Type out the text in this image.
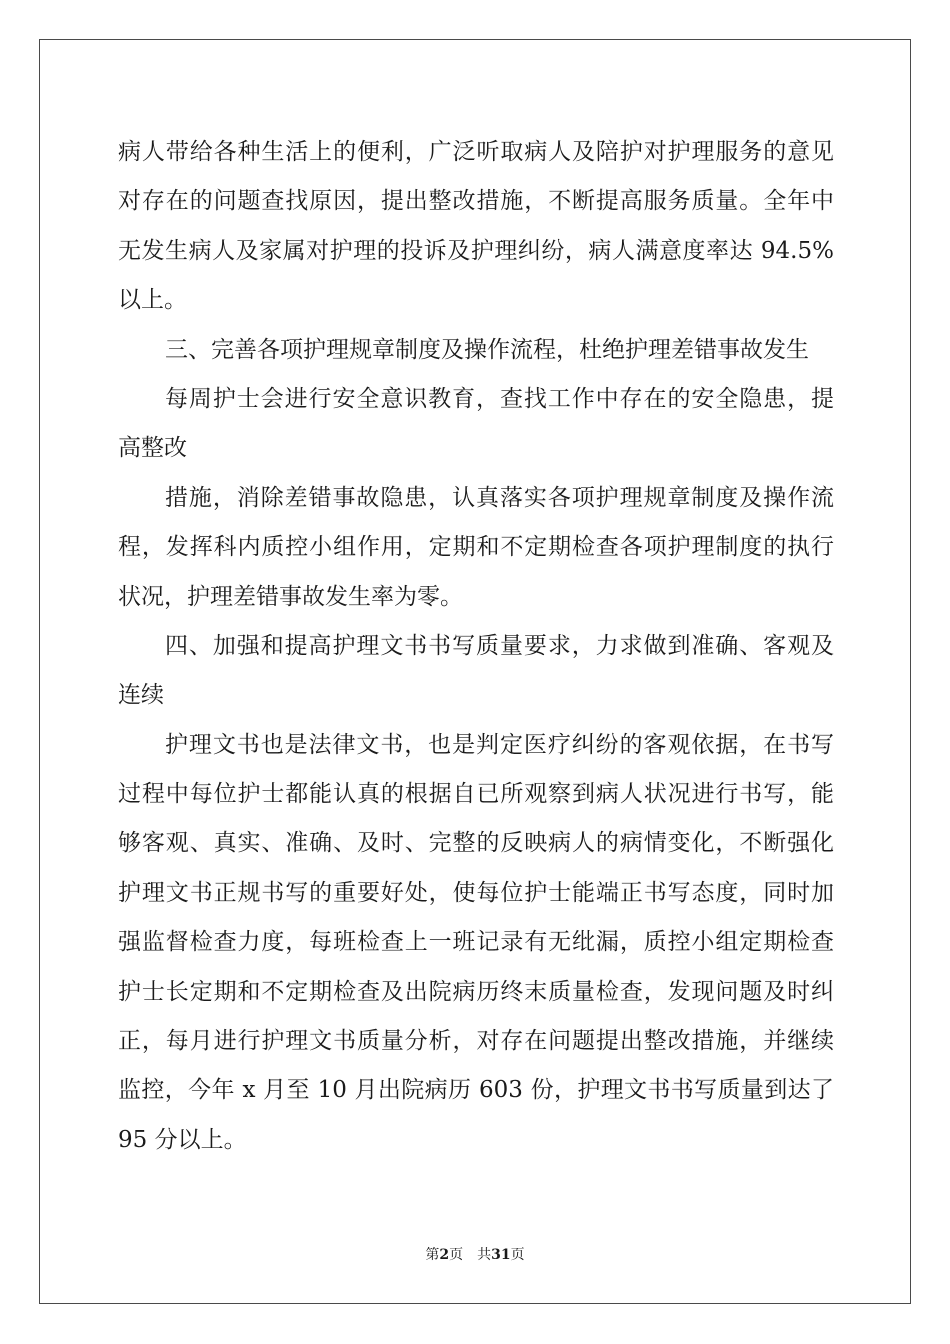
病人带给各种生活上的便利，广泛听取病人及陪护对护理服务的意见
对存在的问题查找原因，提出整改措施，不断提高服务质量。全年中
无发生病人及家属对护理的投诉及护理纠纷，病人满意度率达 94.5%
以上。
三、完善各项护理规章制度及操作流程，杜绝护理差错事故发生
每周护士会进行安全意识教育，查找工作中存在的安全隐患，提
高整改
措施，消除差错事故隐患，认真落实各项护理规章制度及操作流
程，发挥科内质控小组作用，定期和不定期检查各项护理制度的执行
状况，护理差错事故发生率为零。
四、加强和提高护理文书书写质量要求，力求做到准确、客观及
连续
护理文书也是法律文书，也是判定医疗纠纷的客观依据，在书写
过程中每位护士都能认真的根据自已所观察到病人状况进行书写，能
够客观、真实、准确、及时、完整的反映病人的病情变化，不断强化
护理文书正规书写的重要好处，使每位护士能端正书写态度，同时加
强监督检查力度，每班检查上一班记录有无纰漏，质控小组定期检查
护士长定期和不定期检查及出院病历终末质量检查，发现问题及时纠
正，每月进行护理文书质量分析，对存在问题提出整改措施，并继续
监控，今年 x 月至 10 月出院病历 603 份，护理文书书写质量到达了
95 分以上。
第2页 共31页
